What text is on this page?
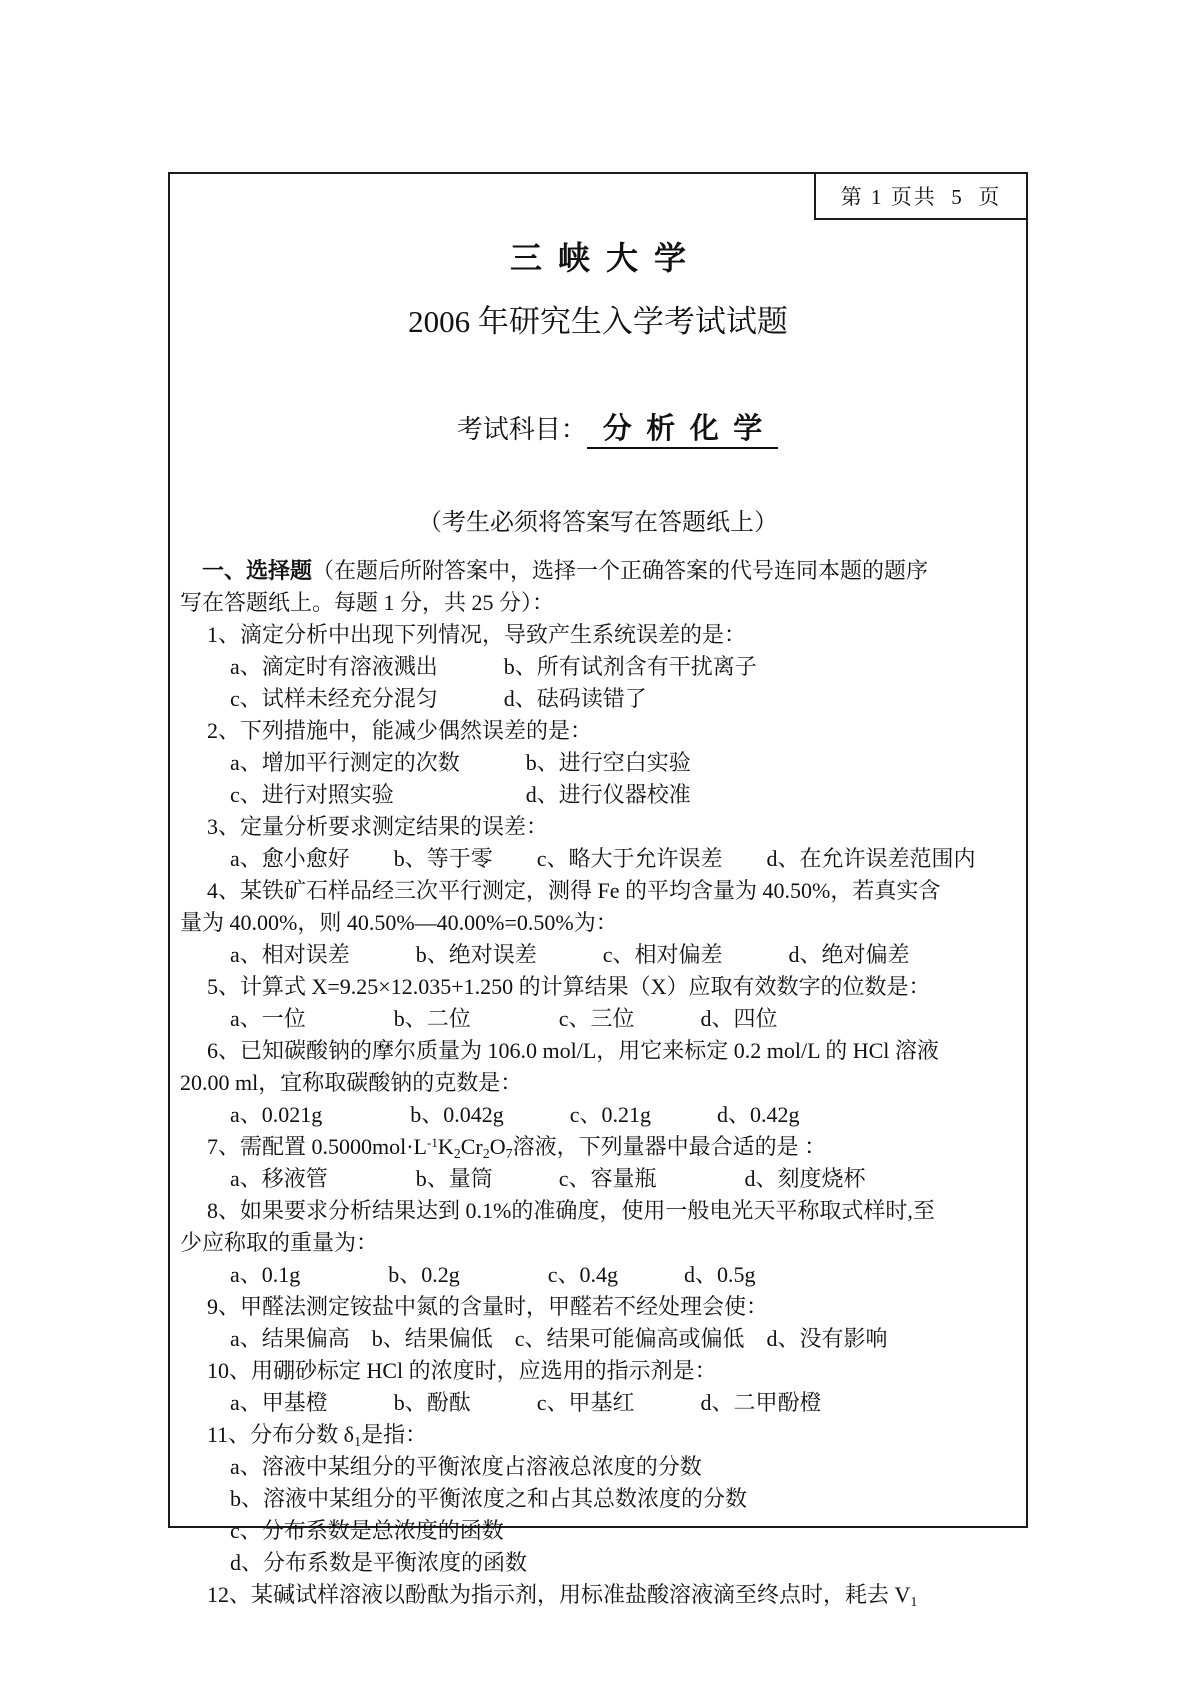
第 1 页共  5  页
三  峡  大  学
2006 年研究生入学考试试题

考试科目： 分  析  化  学

（考生必须将答案写在答题纸上）
一、选择题（在题后所附答案中，选择一个正确答案的代号连同本题的题序
写在答题纸上。每题 1 分，共 25 分）：
1、滴定分析中出现下列情况，导致产生系统误差的是：
a、滴定时有溶液溅出　　　b、所有试剂含有干扰离子
c、试样未经充分混匀　　　d、砝码读错了
2、下列措施中，能减少偶然误差的是：
a、增加平行测定的次数　　　b、进行空白实验
c、进行对照实验　　　　　　d、进行仪器校准
3、定量分析要求测定结果的误差：
a、愈小愈好　　b、等于零　　c、略大于允许误差　　d、在允许误差范围内
4、某铁矿石样品经三次平行测定，测得 Fe 的平均含量为 40.50%，若真实含
量为 40.00%，则 40.50%—40.00%=0.50%为：
a、相对误差　　　b、绝对误差　　　c、相对偏差　　　d、绝对偏差
5、计算式 X=9.25×12.035+1.250 的计算结果（X）应取有效数字的位数是：
a、一位　　　　b、二位　　　　c、三位　　　d、四位
6、已知碳酸钠的摩尔质量为 106.0 mol/L，用它来标定 0.2 mol/L 的 HCl 溶液
20.00 ml，宜称取碳酸钠的克数是：
a、0.021g　　　　b、0.042g　　　c、0.21g　　　d、0.42g
7、需配置 $0.5000mol\cdot L^{-1}K_2Cr_2O_7$溶液，下列量器中最合适的是 ：
a、移液管　　　　b、量筒　　　c、容量瓶　　　　d、刻度烧杯
8、如果要求分析结果达到 0.1%的准确度，使用一般电光天平称取式样时,至
少应称取的重量为：
a、0.1g　　　　b、0.2g　　　　c、0.4g　　　d、0.5g
9、甲醛法测定铵盐中氮的含量时，甲醛若不经处理会使：
a、结果偏高　b、结果偏低　c、结果可能偏高或偏低　d、没有影响
10、用硼砂标定 HCl 的浓度时，应选用的指示剂是：
a、甲基橙　　　b、酚酞　　　c、甲基红　　　d、二甲酚橙
11、分布分数 $\delta_1$是指：
a、溶液中某组分的平衡浓度占溶液总浓度的分数
b、溶液中某组分的平衡浓度之和占其总数浓度的分数
c、分布系数是总浓度的函数
d、分布系数是平衡浓度的函数
12、某碱试样溶液以酚酞为指示剂，用标准盐酸溶液滴至终点时，耗去 $V_1$
